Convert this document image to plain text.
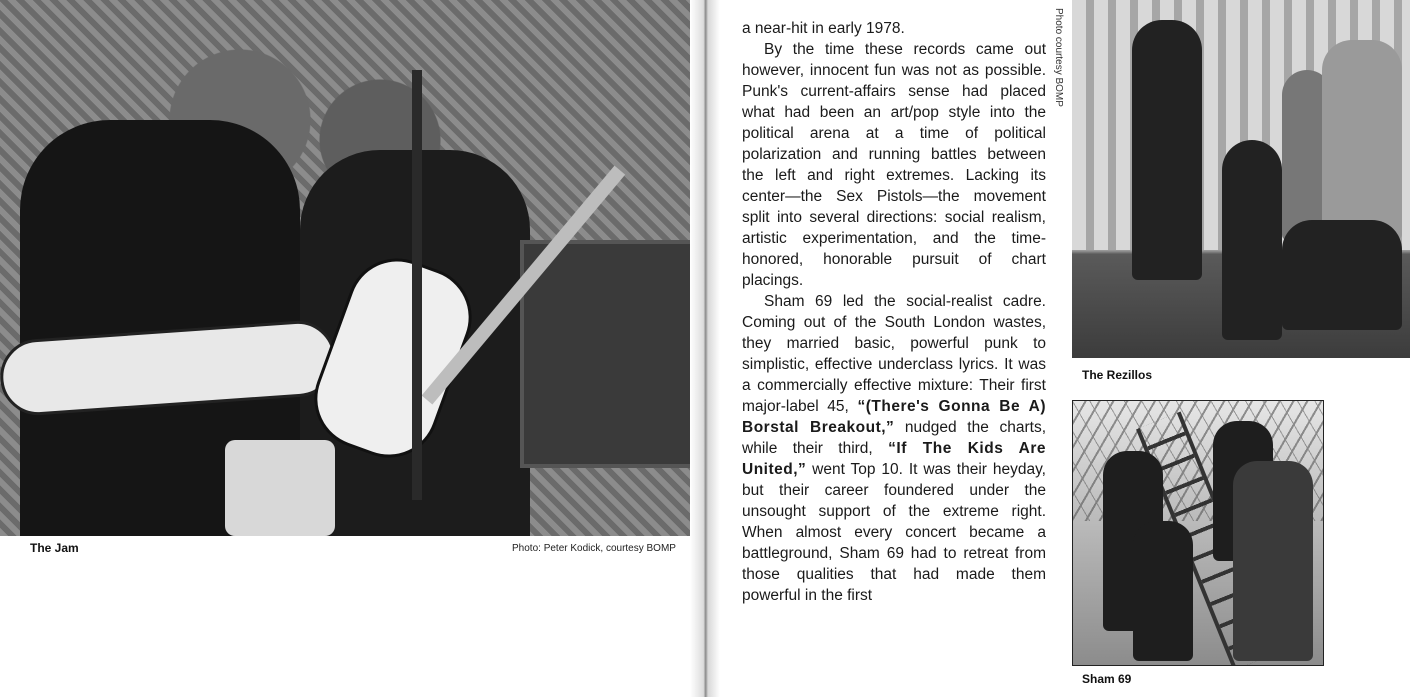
The Jam	Photo: Peter Kodick, courtesy BOMP

a near-hit in early 1978.

By the time these records came out however, innocent fun was not as possible. Punk's current-affairs sense had placed what had been an art/pop style into the political arena at a time of political polarization and running battles between the left and right extremes. Lacking its center—the Sex Pistols—the movement split into several directions: social realism, artistic experimentation, and the time-honored, honorable pursuit of chart placings.

Sham 69 led the social-realist cadre. Coming out of the South London wastes, they married basic, powerful punk to simplistic, effective underclass lyrics. It was a commercially effective mixture: Their first major-label 45, “(There's Gonna Be A) Borstal Breakout,” nudged the charts, while their third, “If The Kids Are United,” went Top 10. It was their heyday, but their career foundered under the unsought support of the extreme right. When almost every concert became a battleground, Sham 69 had to retreat from those qualities that had made them powerful in the first

Photo courtesy BOMP
The Rezillos
Sham 69
